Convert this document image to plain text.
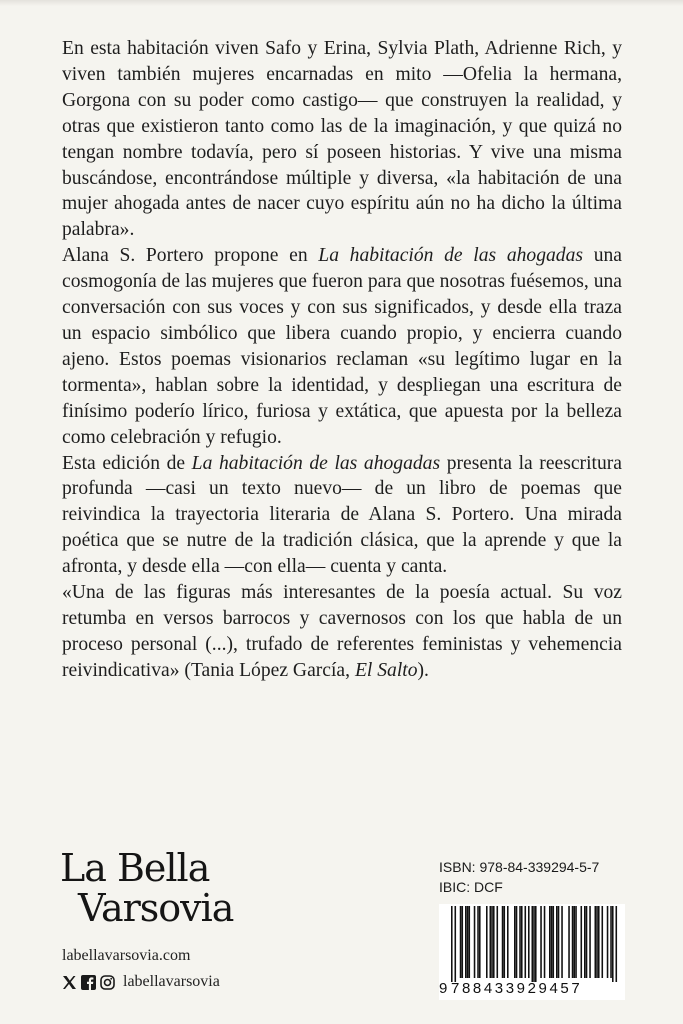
En esta habitación viven Safo y Erina, Sylvia Plath, Adrienne Rich, y viven también mujeres encarnadas en mito —Ofelia la hermana, Gorgona con su poder como castigo— que construyen la realidad, y otras que existieron tanto como las de la imaginación, y que quizá no tengan nombre todavía, pero sí poseen historias. Y vive una misma buscándose, encontrándose múltiple y diversa, «la habitación de una mujer ahogada antes de nacer cuyo espíritu aún no ha dicho la última palabra».

Alana S. Portero propone en La habitación de las ahogadas una cosmogonía de las mujeres que fueron para que nosotras fuésemos, una conversación con sus voces y con sus significados, y desde ella traza un espacio simbólico que libera cuando propio, y encierra cuando ajeno. Estos poemas visionarios reclaman «su legítimo lugar en la tormenta», hablan sobre la identidad, y despliegan una escritura de finísimo poderío lírico, furiosa y extática, que apuesta por la belleza como celebración y refugio.

Esta edición de La habitación de las ahogadas presenta la reescritura profunda —casi un texto nuevo— de un libro de poemas que reivindica la trayectoria literaria de Alana S. Portero. Una mirada poética que se nutre de la tradición clásica, que la aprende y que la afronta, y desde ella —con ella— cuenta y canta.

«Una de las figuras más interesantes de la poesía actual. Su voz retumba en versos barrocos y cavernosos con los que habla de un proceso personal (...), trufado de referentes feministas y vehemencia reivindicativa» (Tania López García, El Salto).

La Bella
Varsovia
labellavarsovia.com
labellavarsovia
ISBN: 978-84-339294-5-7
IBIC: DCF
9 788433929457
